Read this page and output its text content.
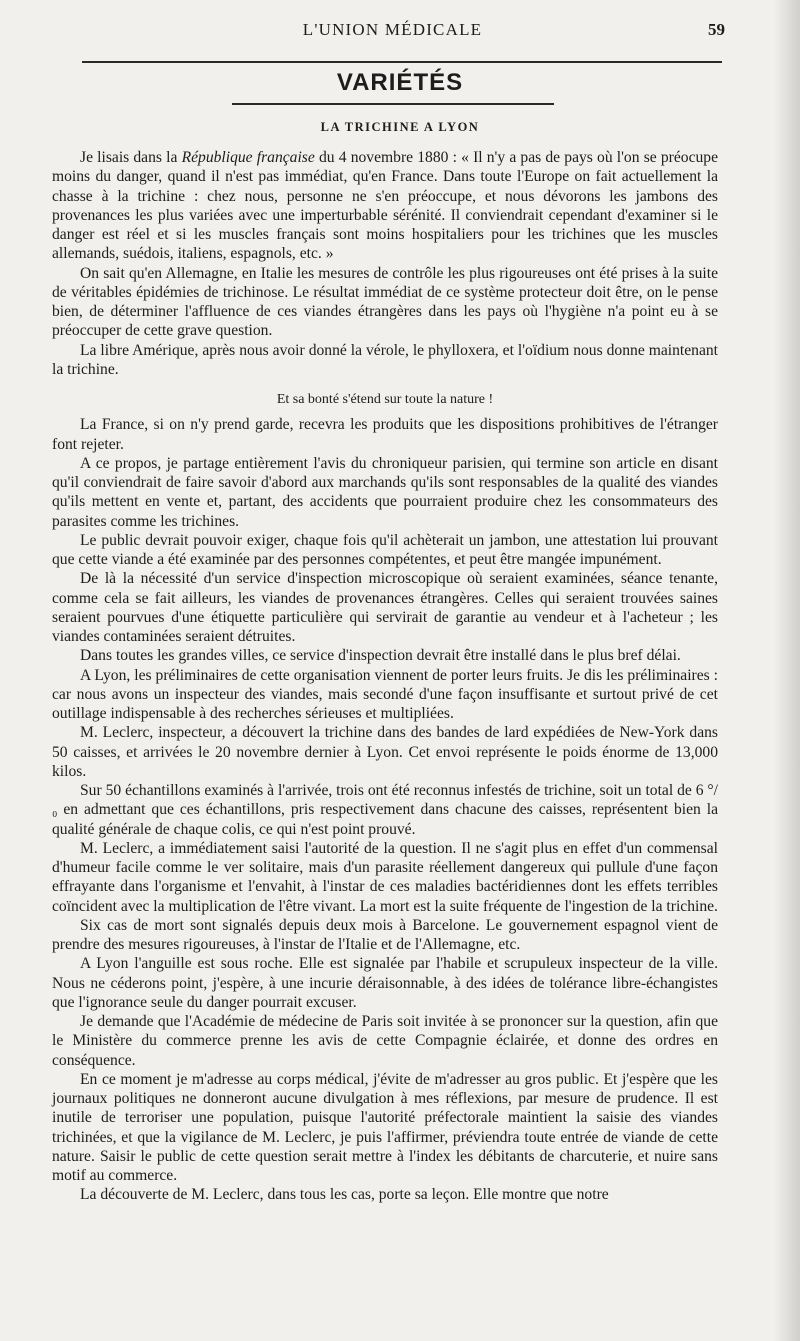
L'UNION MÉDICALE	59
VARIÉTÉS
LA TRICHINE A LYON

Je lisais dans la République française du 4 novembre 1880 : « Il n'y a pas de pays où l'on se préocupe moins du danger, quand il n'est pas immédiat, qu'en France. Dans toute l'Europe on fait actuellement la chasse à la trichine : chez nous, personne ne s'en préoccupe, et nous dévorons les jambons des provenances les plus variées avec une imperturbable sérénité. Il conviendrait cependant d'examiner si le danger est réel et si les muscles français sont moins hospitaliers pour les trichines que les muscles allemands, suédois, italiens, espagnols, etc. »

On sait qu'en Allemagne, en Italie les mesures de contrôle les plus rigoureuses ont été prises à la suite de véritables épidémies de trichinose. Le résultat immédiat de ce système protecteur doit être, on le pense bien, de déterminer l'affluence de ces viandes étrangères dans les pays où l'hygiène n'a point eu à se préoccuper de cette grave question.

La libre Amérique, après nous avoir donné la vérole, le phylloxera, et l'oïdium nous donne maintenant la trichine.

Et sa bonté s'étend sur toute la nature !

La France, si on n'y prend garde, recevra les produits que les dispositions prohibitives de l'étranger font rejeter.

A ce propos, je partage entièrement l'avis du chroniqueur parisien, qui termine son article en disant qu'il conviendrait de faire savoir d'abord aux marchands qu'ils sont responsables de la qualité des viandes qu'ils mettent en vente et, partant, des accidents que pourraient produire chez les consommateurs des parasites comme les trichines.

Le public devrait pouvoir exiger, chaque fois qu'il achèterait un jambon, une attestation lui prouvant que cette viande a été examinée par des personnes compétentes, et peut être mangée impunément.

De là la nécessité d'un service d'inspection microscopique où seraient examinées, séance tenante, comme cela se fait ailleurs, les viandes de provenances étrangères. Celles qui seraient trouvées saines seraient pourvues d'une étiquette particulière qui servirait de garantie au vendeur et à l'acheteur ; les viandes contaminées seraient détruites.

Dans toutes les grandes villes, ce service d'inspection devrait être installé dans le plus bref délai.

A Lyon, les préliminaires de cette organisation viennent de porter leurs fruits. Je dis les préliminaires : car nous avons un inspecteur des viandes, mais secondé d'une façon insuffisante et surtout privé de cet outillage indispensable à des recherches sérieuses et multipliées.

M. Leclerc, inspecteur, a découvert la trichine dans des bandes de lard expédiées de New-York dans 50 caisses, et arrivées le 20 novembre dernier à Lyon. Cet envoi représente le poids énorme de 13,000 kilos.

Sur 50 échantillons examinés à l'arrivée, trois ont été reconnus infestés de trichine, soit un total de 6 °/₀ en admettant que ces échantillons, pris respectivement dans chacune des caisses, représentent bien la qualité générale de chaque colis, ce qui n'est point prouvé.

M. Leclerc, a immédiatement saisi l'autorité de la question. Il ne s'agit plus en effet d'un commensal d'humeur facile comme le ver solitaire, mais d'un parasite réellement dangereux qui pullule d'une façon effrayante dans l'organisme et l'envahit, à l'instar de ces maladies bactéridiennes dont les effets terribles coïncident avec la multiplication de l'être vivant. La mort est la suite fréquente de l'ingestion de la trichine.

Six cas de mort sont signalés depuis deux mois à Barcelone. Le gouvernement espagnol vient de prendre des mesures rigoureuses, à l'instar de l'Italie et de l'Allemagne, etc.

A Lyon l'anguille est sous roche. Elle est signalée par l'habile et scrupuleux inspecteur de la ville. Nous ne céderons point, j'espère, à une incurie déraisonnable, à des idées de tolérance libre-échangistes que l'ignorance seule du danger pourrait excuser.

Je demande que l'Académie de médecine de Paris soit invitée à se prononcer sur la question, afin que le Ministère du commerce prenne les avis de cette Compagnie éclairée, et donne des ordres en conséquence.

En ce moment je m'adresse au corps médical, j'évite de m'adresser au gros public. Et j'espère que les journaux politiques ne donneront aucune divulgation à mes réflexions, par mesure de prudence. Il est inutile de terroriser une population, puisque l'autorité préfectorale maintient la saisie des viandes trichinées, et que la vigilance de M. Leclerc, je puis l'affirmer, préviendra toute entrée de viande de cette nature. Saisir le public de cette question serait mettre à l'index les débitants de charcuterie, et nuire sans motif au commerce.

La découverte de M. Leclerc, dans tous les cas, porte sa leçon. Elle montre que notre
